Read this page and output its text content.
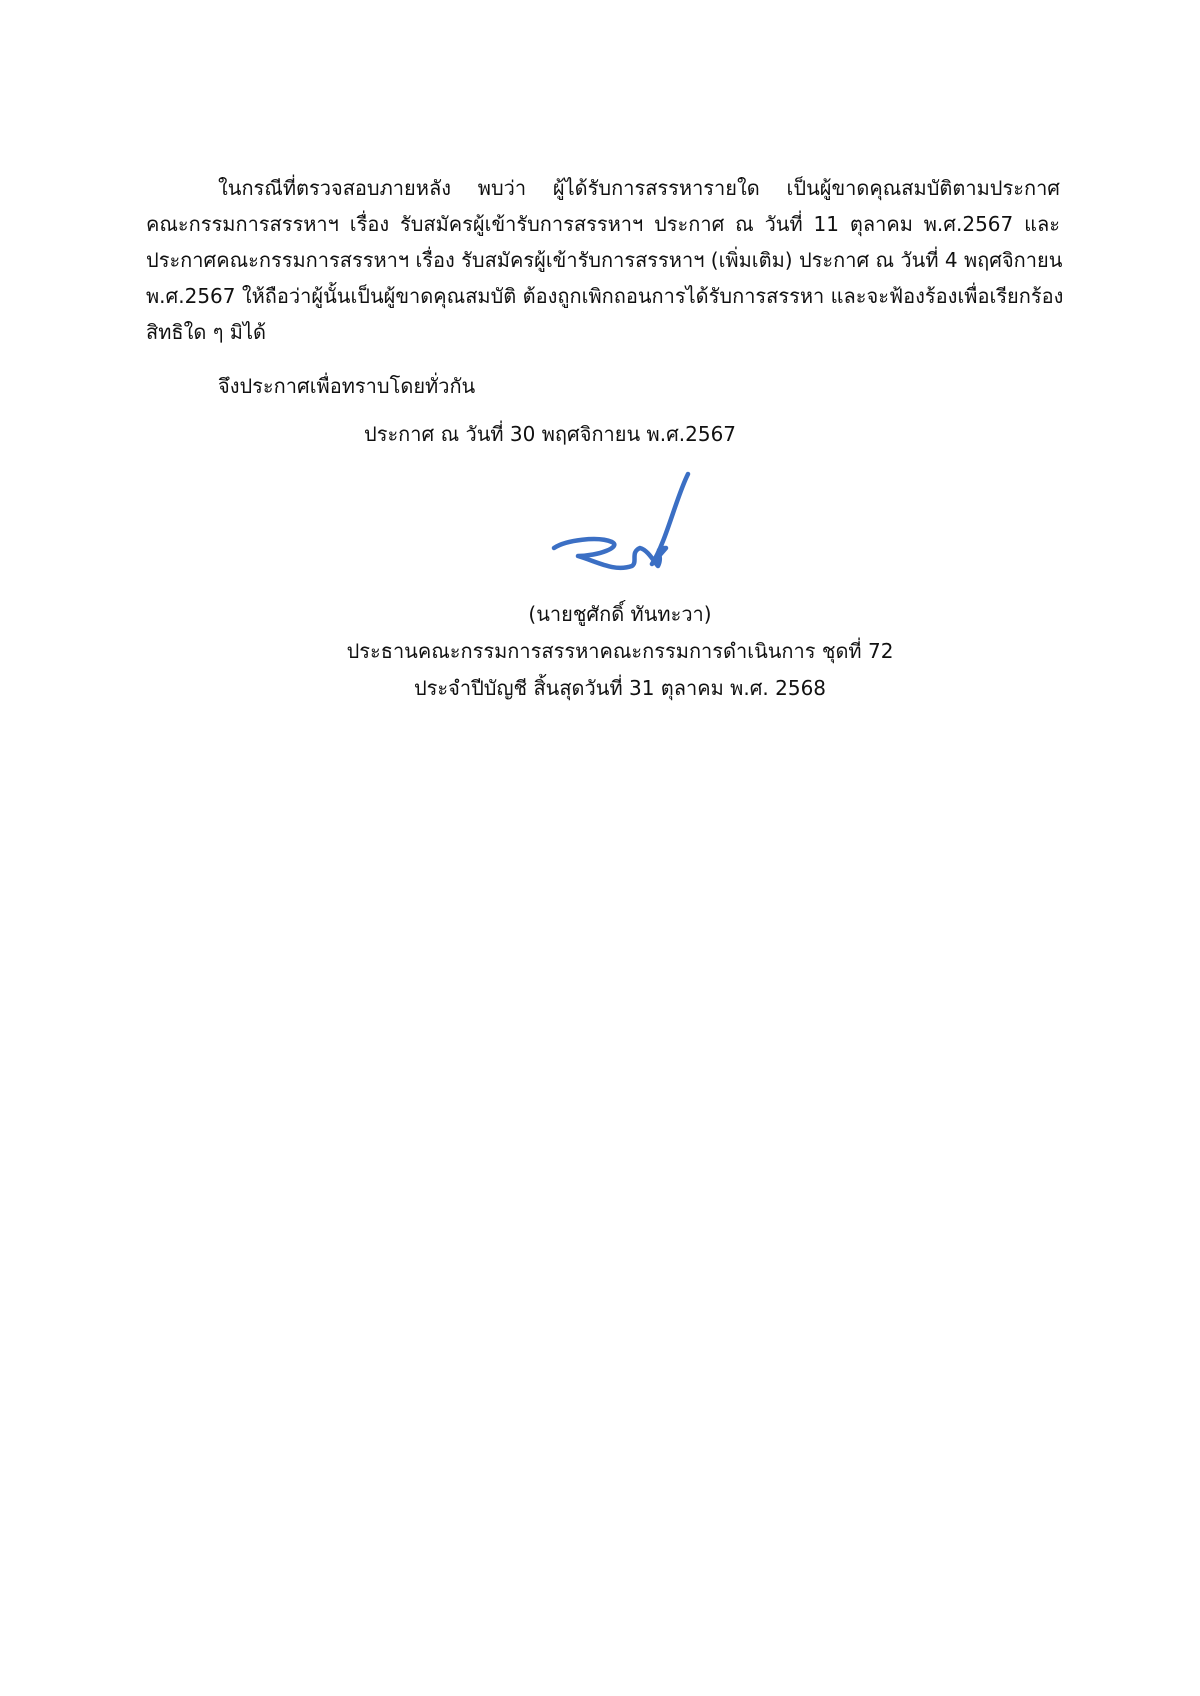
ในกรณีที่ตรวจสอบภายหลัง พบว่า ผู้ได้รับการสรรหารายใด เป็นผู้ขาดคุณสมบัติตามประกาศ
คณะกรรมการสรรหาฯ เรื่อง รับสมัครผู้เข้ารับการสรรหาฯ ประกาศ ณ วันที่ 11 ตุลาคม พ.ศ.2567 และ
ประกาศคณะกรรมการสรรหาฯ เรื่อง รับสมัครผู้เข้ารับการสรรหาฯ (เพิ่มเติม) ประกาศ ณ วันที่ 4 พฤศจิกายน
พ.ศ.2567 ให้ถือว่าผู้นั้นเป็นผู้ขาดคุณสมบัติ ต้องถูกเพิกถอนการได้รับการสรรหา และจะฟ้องร้องเพื่อเรียกร้อง
สิทธิใด ๆ มิได้
จึงประกาศเพื่อทราบโดยทั่วกัน
ประกาศ ณ วันที่ 30 พฤศจิกายน พ.ศ.2567
(นายชูศักดิ์ ทันทะวา)
ประธานคณะกรรมการสรรหาคณะกรรมการดำเนินการ ชุดที่ 72
ประจำปีบัญชี สิ้นสุดวันที่ 31 ตุลาคม พ.ศ. 2568
